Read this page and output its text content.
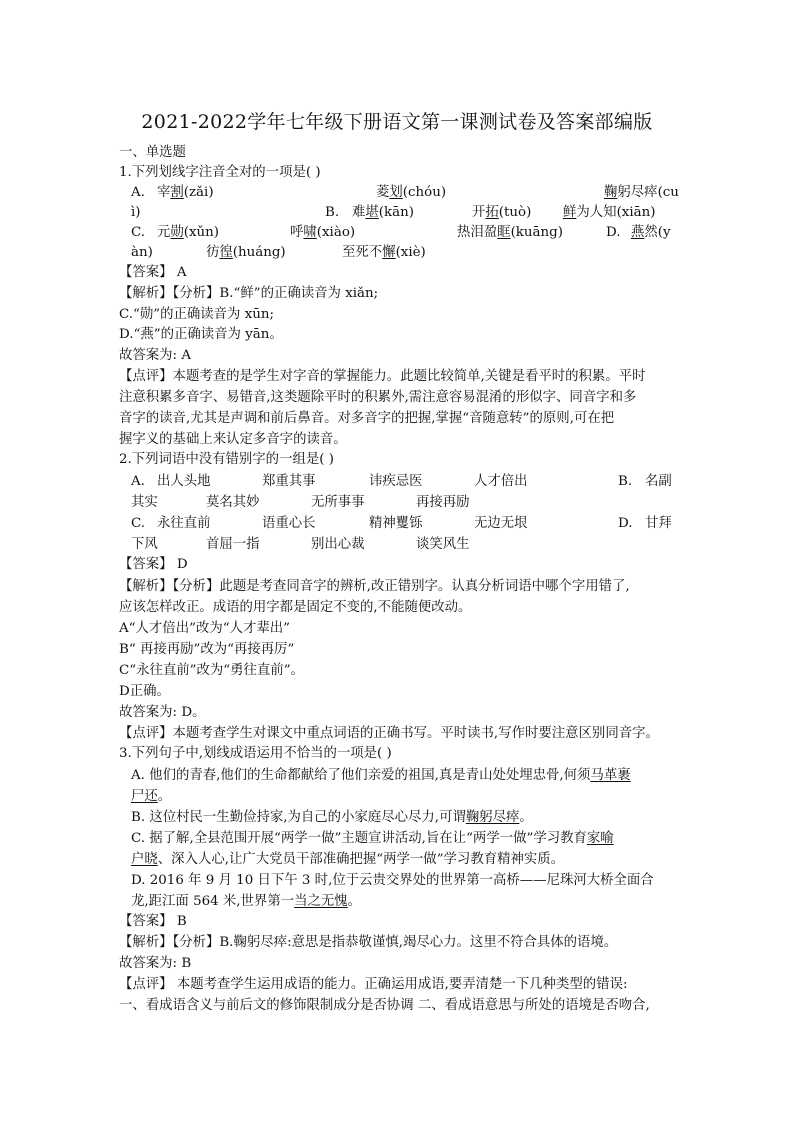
2021-2022学年七年级下册语文第一课测试卷及答案部编版
一、单选题
1.下列划线字注音全对的一项是( )
A. 宰割(zǎi)	菱划(chóu)	鞠躬尽瘁(cu
ì)	B. 难堪(kān)	开拓(tuò) 鲜为人知(xiān)
C. 元勋(xǔn)	呼啸(xiào)	热泪盈眶(kuāng)	D. 燕然(y
àn)	彷徨(huáng)	至死不懈(xiè)
【答案】 A
【解析】【分析】B.“鲜”的正确读音为 xiǎn;
C.“勋”的正确读音为 xūn;
D.“燕”的正确读音为 yān。
故答案为: A
【点评】本题考查的是学生对字音的掌握能力。此题比较简单,关键是看平时的积累。平时
注意积累多音字、易错音,这类题除平时的积累外,需注意容易混淆的形似字、同音字和多
音字的读音,尤其是声调和前后鼻音。对多音字的把握,掌握“音随意转”的原则,可在把
握字义的基础上来认定多音字的读音。
2.下列词语中没有错别字的一组是( )
A. 出人头地	郑重其事	讳疾忌医	人才倍出	B. 名副
其实	莫名其妙	无所事事	再接再励
C. 永往直前	语重心长	精神矍铄	无边无垠	D. 甘拜
下风	首屈一指	别出心裁	谈笑风生
【答案】 D
【解析】【分析】此题是考查同音字的辨析,改正错别字。认真分析词语中哪个字用错了,
应该怎样改正。成语的用字都是固定不变的,不能随便改动。
A“人才倍出”改为“人才辈出”
B“ 再接再励”改为“再接再厉”
C“永往直前”改为“勇往直前”。
D正确。
故答案为: D。
【点评】本题考查学生对课文中重点词语的正确书写。平时读书,写作时要注意区别同音字。
3.下列句子中,划线成语运用不恰当的一项是( )
A. 他们的青春,他们的生命都献给了他们亲爱的祖国,真是青山处处埋忠骨,何须马革裹
尸还。
B. 这位村民一生勤俭持家,为自己的小家庭尽心尽力,可谓鞠躬尽瘁。
C. 据了解,全县范围开展“两学一做”主题宣讲活动,旨在让“两学一做”学习教育家喻
户晓、深入人心,让广大党员干部准确把握“两学一做”学习教育精神实质。
D. 2016 年 9 月 10 日下午 3 时,位于云贵交界处的世界第一高桥——尼珠河大桥全面合
龙,距江面 564 米,世界第一当之无愧。
【答案】 B
【解析】【分析】B.鞠躬尽瘁:意思是指恭敬谨慎,竭尽心力。这里不符合具体的语境。
故答案为: B
【点评】 本题考查学生运用成语的能力。正确运用成语,要弄清楚一下几种类型的错误:
一、看成语含义与前后文的修饰限制成分是否协调 二、看成语意思与所处的语境是否吻合,
